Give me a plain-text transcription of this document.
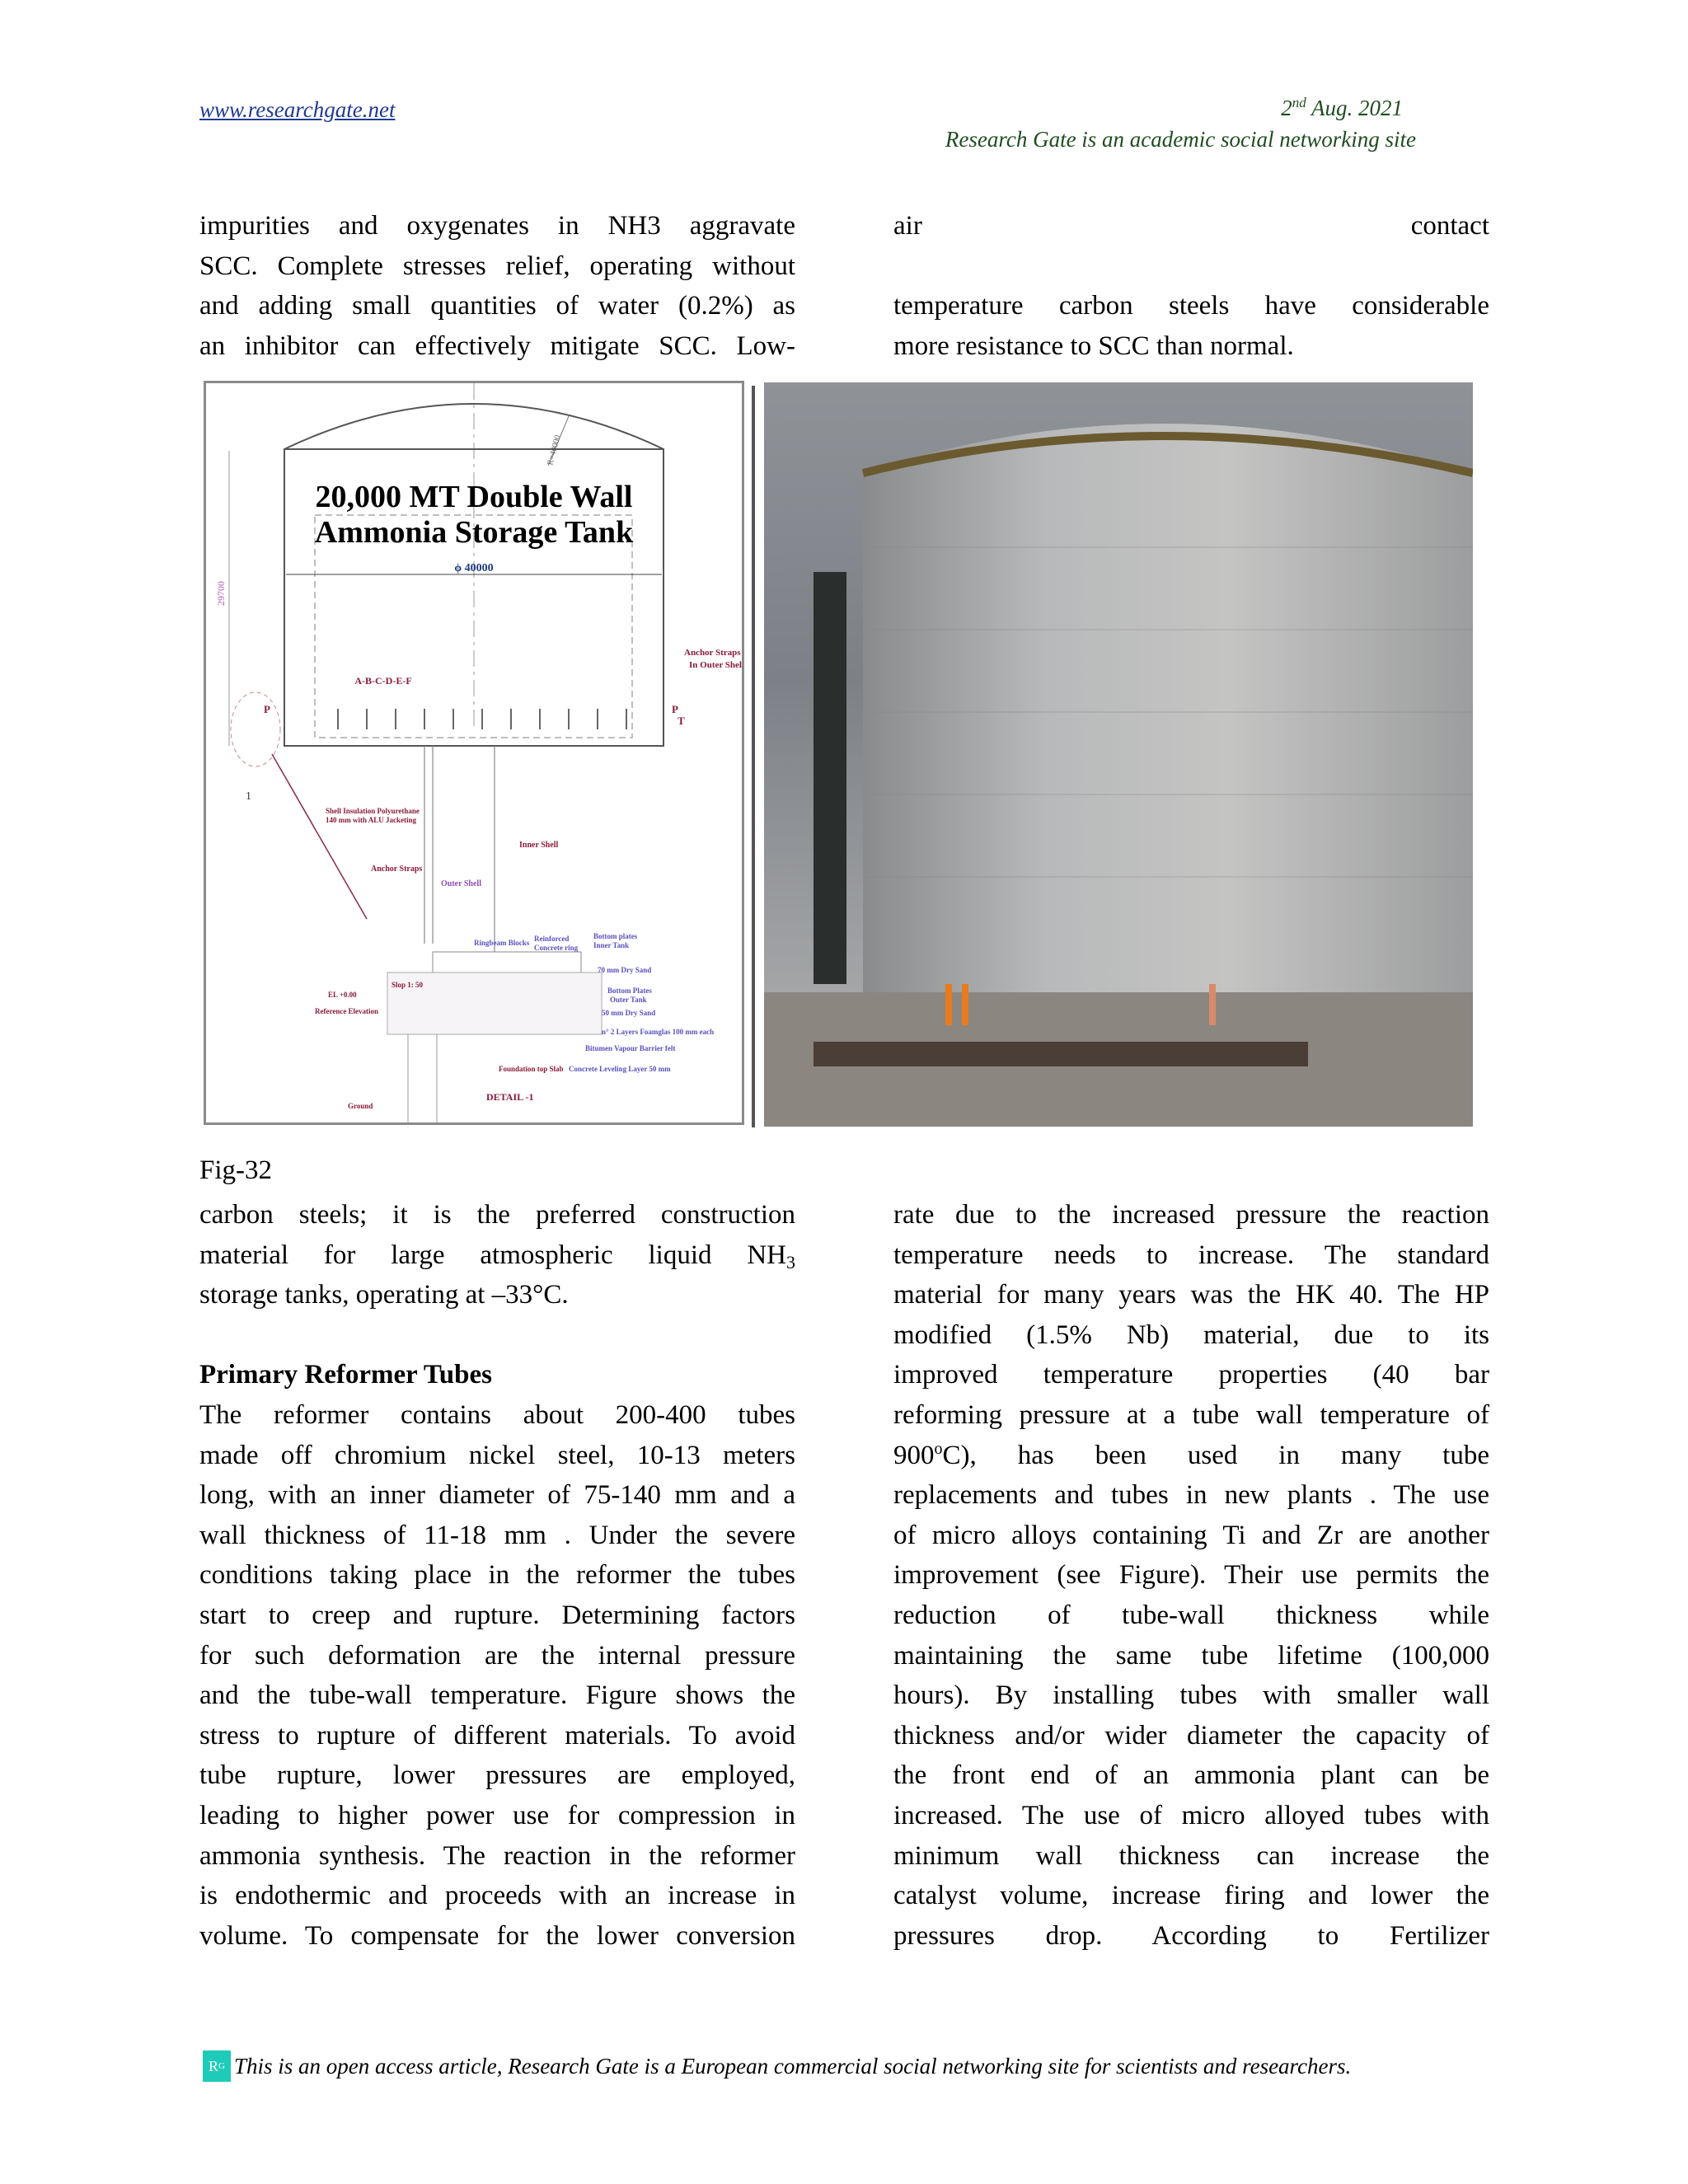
www.researchgate.net	2nd Aug. 2021
Research Gate is an academic social networking site

impurities and oxygenates in NH3 aggravate

SCC. Complete stresses relief, operating without

and adding small quantities of water (0.2%) as

an inhibitor can effectively mitigate SCC. Low-

air	contact

temperature carbon steels have considerable

more resistance to SCC than normal.

R=40000
29700
20,000 MT Double Wall
Ammonia Storage Tank
ϕ 40000
A-B-C-D-E-F
P	P
T
Anchor Straps
In Outer Shell
1
Shell Insulation Polyurethane
140 mm with ALU Jacketing
Inner Shell
Anchor Straps
Outer Shell
Ringbeam Blocks Reinforced
Concrete ring
Bottom plates
Inner Tank
70 mm Dry Sand
Bottom Plates
Outer Tank
50 mm Dry Sand
n° 2 Layers Foamglas 100 mm each
Bitumen Vapour Barrier felt
Concrete Leveling Layer 50 mm
Foundation top Slab
Slop 1: 50
EL +0.00
Reference Elevation
Ground
DETAIL -1
Fig-32

carbon steels; it is the preferred construction

material for large atmospheric liquid $NH_3$

storage tanks, operating at –33°C.

Primary Reformer Tubes

The reformer contains about 200-400 tubes

made off chromium nickel steel, 10-13 meters

long, with an inner diameter of 75-140 mm and a

wall thickness of 11-18 mm . Under the severe

conditions taking place in the reformer the tubes

start to creep and rupture. Determining factors

for such deformation are the internal pressure

and the tube-wall temperature. Figure shows the

stress to rupture of different materials. To avoid

tube rupture, lower pressures are employed,

leading to higher power use for compression in

ammonia synthesis. The reaction in the reformer

is endothermic and proceeds with an increase in

volume. To compensate for the lower conversion

rate due to the increased pressure the reaction

temperature needs to increase. The standard

material for many years was the HK 40. The HP

modified (1.5% Nb) material, due to its

improved temperature properties (40 bar

reforming pressure at a tube wall temperature of

900$^o$C), has been used in many tube

replacements and tubes in new plants . The use

of micro alloys containing Ti and Zr are another

improvement (see Figure). Their use permits the

reduction of tube-wall thickness while

maintaining the same tube lifetime (100,000

hours). By installing tubes with smaller wall

thickness and/or wider diameter the capacity of

the front end of an ammonia plant can be

increased. The use of micro alloyed tubes with

minimum wall thickness can increase the

catalyst volume, increase firing and lower the

pressures drop. According to Fertilizer

R G This is an open access article, Research Gate is a European commercial social networking site for scientists and researchers.
